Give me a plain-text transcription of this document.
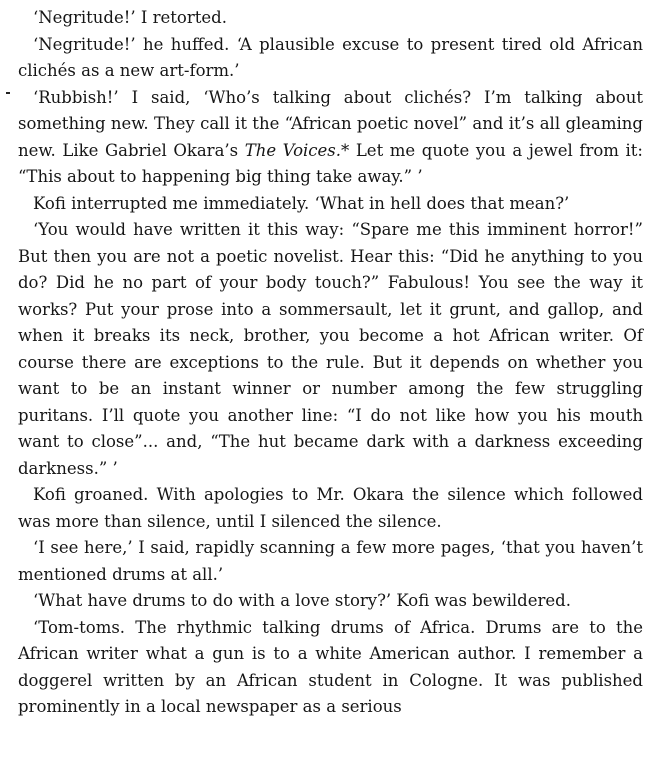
‘Negritude!’ I retorted.

‘Negritude!’ he huffed. ‘A plausible excuse to present tired old African clichés as a new art-form.’

‘Rubbish!’ I said, ‘Who’s talking about clichés? I’m talking about something new. They call it the “African poetic novel” and it’s all gleaming new. Like Gabriel Okara’s The Voices.* Let me quote you a jewel from it: “This about to happening big thing take away.” ’

Kofi interrupted me immediately. ‘What in hell does that mean?’

‘You would have written it this way: “Spare me this imminent horror!” But then you are not a poetic novelist. Hear this: “Did he anything to you do? Did he no part of your body touch?” Fabulous! You see the way it works? Put your prose into a sommersault, let it grunt, and gallop, and when it breaks its neck, brother, you become a hot African writer. Of course there are exceptions to the rule. But it depends on whether you want to be an instant winner or number among the few struggling puritans. I’ll quote you another line: “I do not like how you his mouth want to close”... and, “The hut became dark with a darkness exceeding darkness.” ’

Kofi groaned. With apologies to Mr. Okara the silence which followed was more than silence, until I silenced the silence.

‘I see here,’ I said, rapidly scanning a few more pages, ‘that you haven’t mentioned drums at all.’

‘What have drums to do with a love story?’ Kofi was bewildered.

‘Tom-toms. The rhythmic talking drums of Africa. Drums are to the African writer what a gun is to a white American author. I remember a doggerel written by an African student in Cologne. It was published prominently in a local newspaper as a serious
